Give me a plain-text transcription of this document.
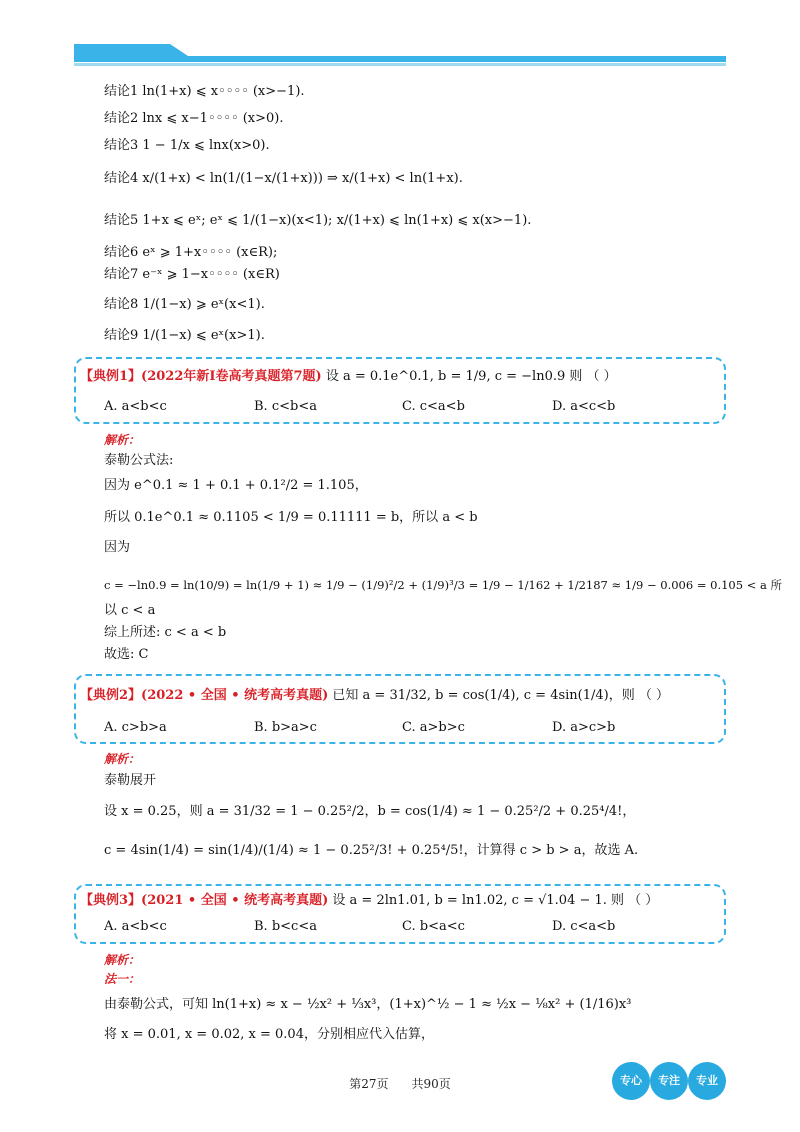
结论1 ln(1+x) ⩽ x◦◦◦◦ (x>−1).
结论2 lnx ⩽ x−1◦◦◦◦ (x>0).
结论3 1 − 1/x ⩽ lnx(x>0).
结论4 x/(1+x) < ln(1/(1−x/(1+x))) ⇒ x/(1+x) < ln(1+x).
结论5 1+x ⩽ eˣ; eˣ ⩽ 1/(1−x)(x<1); x/(1+x) ⩽ ln(1+x) ⩽ x(x>−1).
结论6 eˣ ⩾ 1+x◦◦◦◦ (x∈R);
结论7 e⁻ˣ ⩾ 1−x◦◦◦◦ (x∈R)
结论8 1/(1−x) ⩾ eˣ(x<1).
结论9 1/(1−x) ⩽ eˣ(x>1).
【典例1】(2022年新Ⅰ卷高考真题第7题) 设 a = 0.1e^0.1, b = 1/9, c = −ln0.9 则 （ ）
A. a<b<c	B. c<b<a	C. c<a<b	D. a<c<b
解析：
泰勒公式法:
因为 e^0.1 ≈ 1 + 0.1 + 0.1²/2 = 1.105，
所以 0.1e^0.1 ≈ 0.1105 < 1/9 = 0.11111 = b，所以 a < b
因为
c = −ln0.9 = ln(10/9) = ln(1/9 + 1) ≈ 1/9 − (1/9)²/2 + (1/9)³/3 = 1/9 − 1/162 + 1/2187 ≈ 1/9 − 0.006 = 0.105 < a 所
以 c < a
综上所述: c < a < b
故选: C
【典例2】(2022 • 全国 • 统考高考真题) 已知 a = 31/32, b = cos(1/4), c = 4sin(1/4)，则 （ ）
A. c>b>a	B. b>a>c	C. a>b>c	D. a>c>b
解析：
泰勒展开
设 x = 0.25，则 a = 31/32 = 1 − 0.25²/2，b = cos(1/4) ≈ 1 − 0.25²/2 + 0.25⁴/4!，
c = 4sin(1/4) = sin(1/4)/(1/4) ≈ 1 − 0.25²/3! + 0.25⁴/5!，计算得 c > b > a，故选 A.
【典例3】(2021 • 全国 • 统考高考真题) 设 a = 2ln1.01, b = ln1.02, c = √1.04 − 1. 则 （ ）
A. a<b<c	B. b<c<a	C. b<a<c	D. c<a<b
解析：
法一：
由泰勒公式，可知 ln(1+x) ≈ x − ½x² + ⅓x³，(1+x)^½ − 1 ≈ ½x − ⅛x² + (1/16)x³
将 x = 0.01, x = 0.02, x = 0.04，分别相应代入估算，
第27页 共90页	专心	专注	专业
